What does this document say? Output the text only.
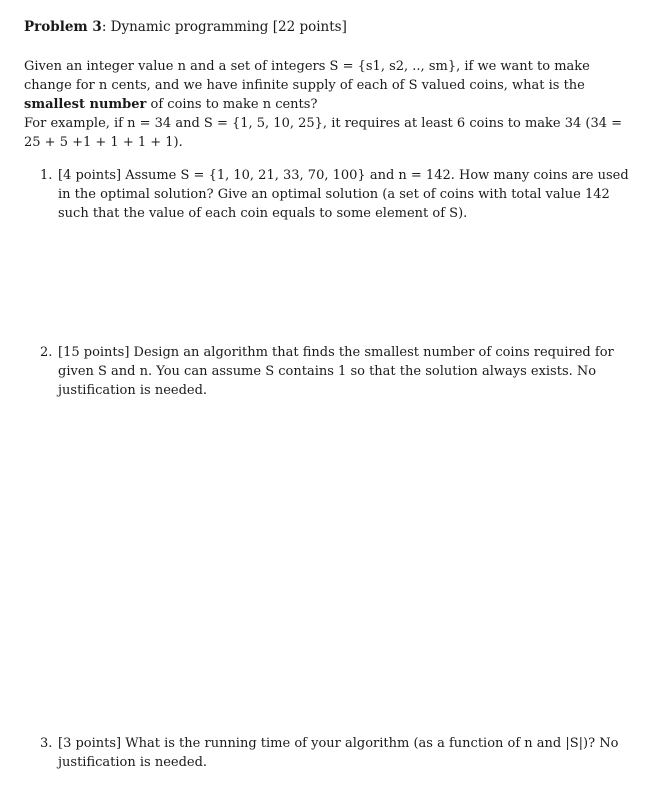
Problem 3: Dynamic programming [22 points]

Given an integer value n and a set of integers S = {s1, s2, .., sm}, if we want to make change for n cents, and we have infinite supply of each of S valued coins, what is the smallest number of coins to make n cents?

For example, if n = 34 and S = {1, 5, 10, 25}, it requires at least 6 coins to make 34 (34 = 25 + 5 +1 + 1 + 1 + 1).

1. [4 points] Assume S = {1, 10, 21, 33, 70, 100} and n = 142. How many coins are used in the optimal solution? Give an optimal solution (a set of coins with total value 142 such that the value of each coin equals to some element of S).
2. [15 points] Design an algorithm that finds the smallest number of coins required for given S and n. You can assume S contains 1 so that the solution always exists. No justification is needed.
3. [3 points] What is the running time of your algorithm (as a function of n and |S|)? No justification is needed.
